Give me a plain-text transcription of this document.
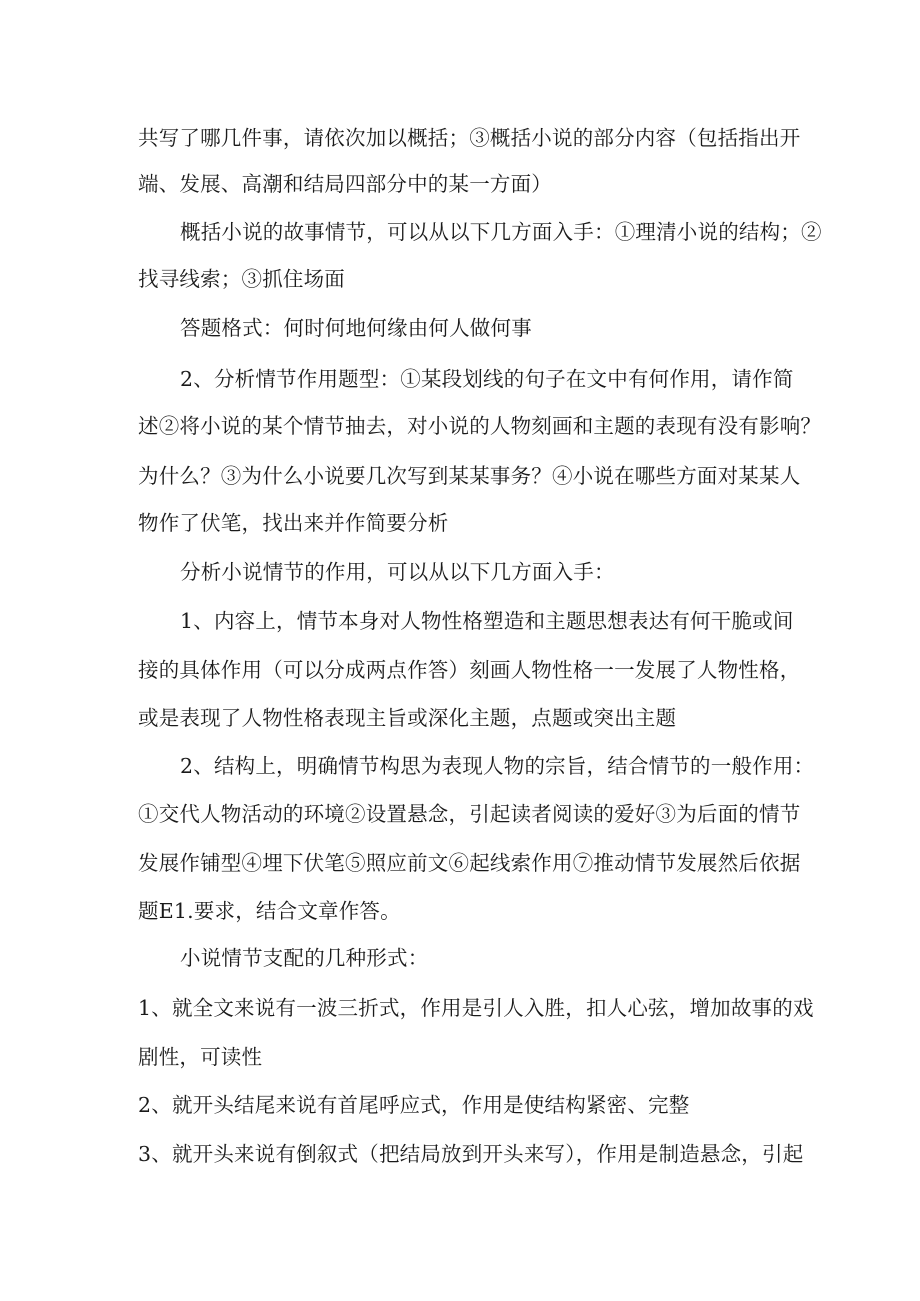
共写了哪几件事，请依次加以概括；③概括小说的部分内容（包括指出开
端、发展、高潮和结局四部分中的某一方面）
概括小说的故事情节，可以从以下几方面入手：①理清小说的结构；②
找寻线索；③抓住场面
答题格式：何时何地何缘由何人做何事
2、分析情节作用题型：①某段划线的句子在文中有何作用，请作简
述②将小说的某个情节抽去，对小说的人物刻画和主题的表现有没有影响？
为什么？③为什么小说要几次写到某某事务？④小说在哪些方面对某某人
物作了伏笔，找出来并作简要分析
分析小说情节的作用，可以从以下几方面入手：
1、内容上，情节本身对人物性格塑造和主题思想表达有何干脆或间
接的具体作用（可以分成两点作答）刻画人物性格一一发展了人物性格，
或是表现了人物性格表现主旨或深化主题，点题或突出主题
2、结构上，明确情节构思为表现人物的宗旨，结合情节的一般作用：
①交代人物活动的环境②设置悬念，引起读者阅读的爱好③为后面的情节
发展作铺型④埋下伏笔⑤照应前文⑥起线索作用⑦推动情节发展然后依据
题E1.要求，结合文章作答。
小说情节支配的几种形式：
1、就全文来说有一波三折式，作用是引人入胜，扣人心弦，增加故事的戏
剧性，可读性
2、就开头结尾来说有首尾呼应式，作用是使结构紧密、完整
3、就开头来说有倒叙式（把结局放到开头来写），作用是制造悬念，引起
